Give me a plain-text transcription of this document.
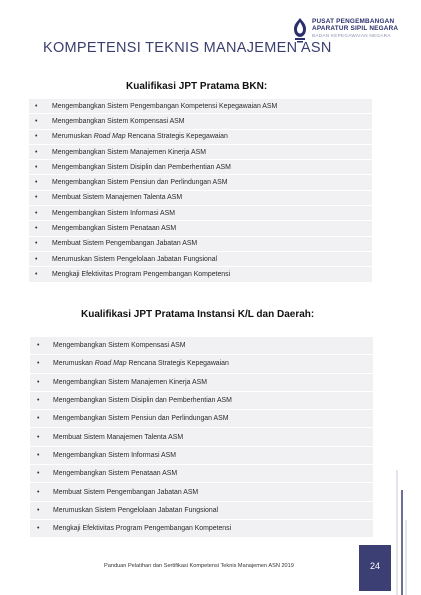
PUSAT PENGEMBANGAN
APARATUR SIPIL NEGARA
BADAN KEPEGAWAIAN NEGARA
KOMPETENSI TEKNIS MANAJEMEN ASN
Kualifikasi JPT Pratama BKN:
• Mengembangkan Sistem Pengembangan Kompetensi Kepegawaian ASM
• Mengembangkan Sistem Kompensasi ASM
• Merumuskan Road Map Rencana Strategis Kepegawaian
• Mengembangkan Sistem Manajemen Kinerja ASM
• Mengembangkan Sistem Disiplin dan Pemberhentian ASM
• Mengembangkan Sistem Pensiun dan Perlindungan ASM
• Membuat Sistem Manajemen Talenta ASM
• Mengembangkan Sistem Informasi ASM
• Mengembangkan Sistem Penataan ASM
• Membuat Sistem Pengembangan Jabatan ASM
• Merumuskan Sistem Pengelolaan Jabatan Fungsional
• Mengkaji Efektivitas Program Pengembangan Kompetensi
Kualifikasi JPT Pratama Instansi K/L dan Daerah:
• Mengembangkan Sistem Kompensasi ASM
• Merumuskan Road Map Rencana Strategis Kepegawaian
• Mengembangkan Sistem Manajemen Kinerja ASM
• Mengembangkan Sistem Disiplin dan Pemberhentian ASM
• Mengembangkan Sistem Pensiun dan Perlindungan ASM
• Membuat Sistem Manajemen Talenta ASM
• Mengembangkan Sistem Informasi ASM
• Mengembangkan Sistem Penataan ASM
• Membuat Sistem Pengembangan Jabatan ASM
• Merumuskan Sistem Pengelolaan Jabatan Fungsional
• Mengkaji Efektivitas Program Pengembangan Kompetensi
Panduan Pelatihan dan Sertifikasi Kompetensi Teknis Manajemen ASN 2019	24
